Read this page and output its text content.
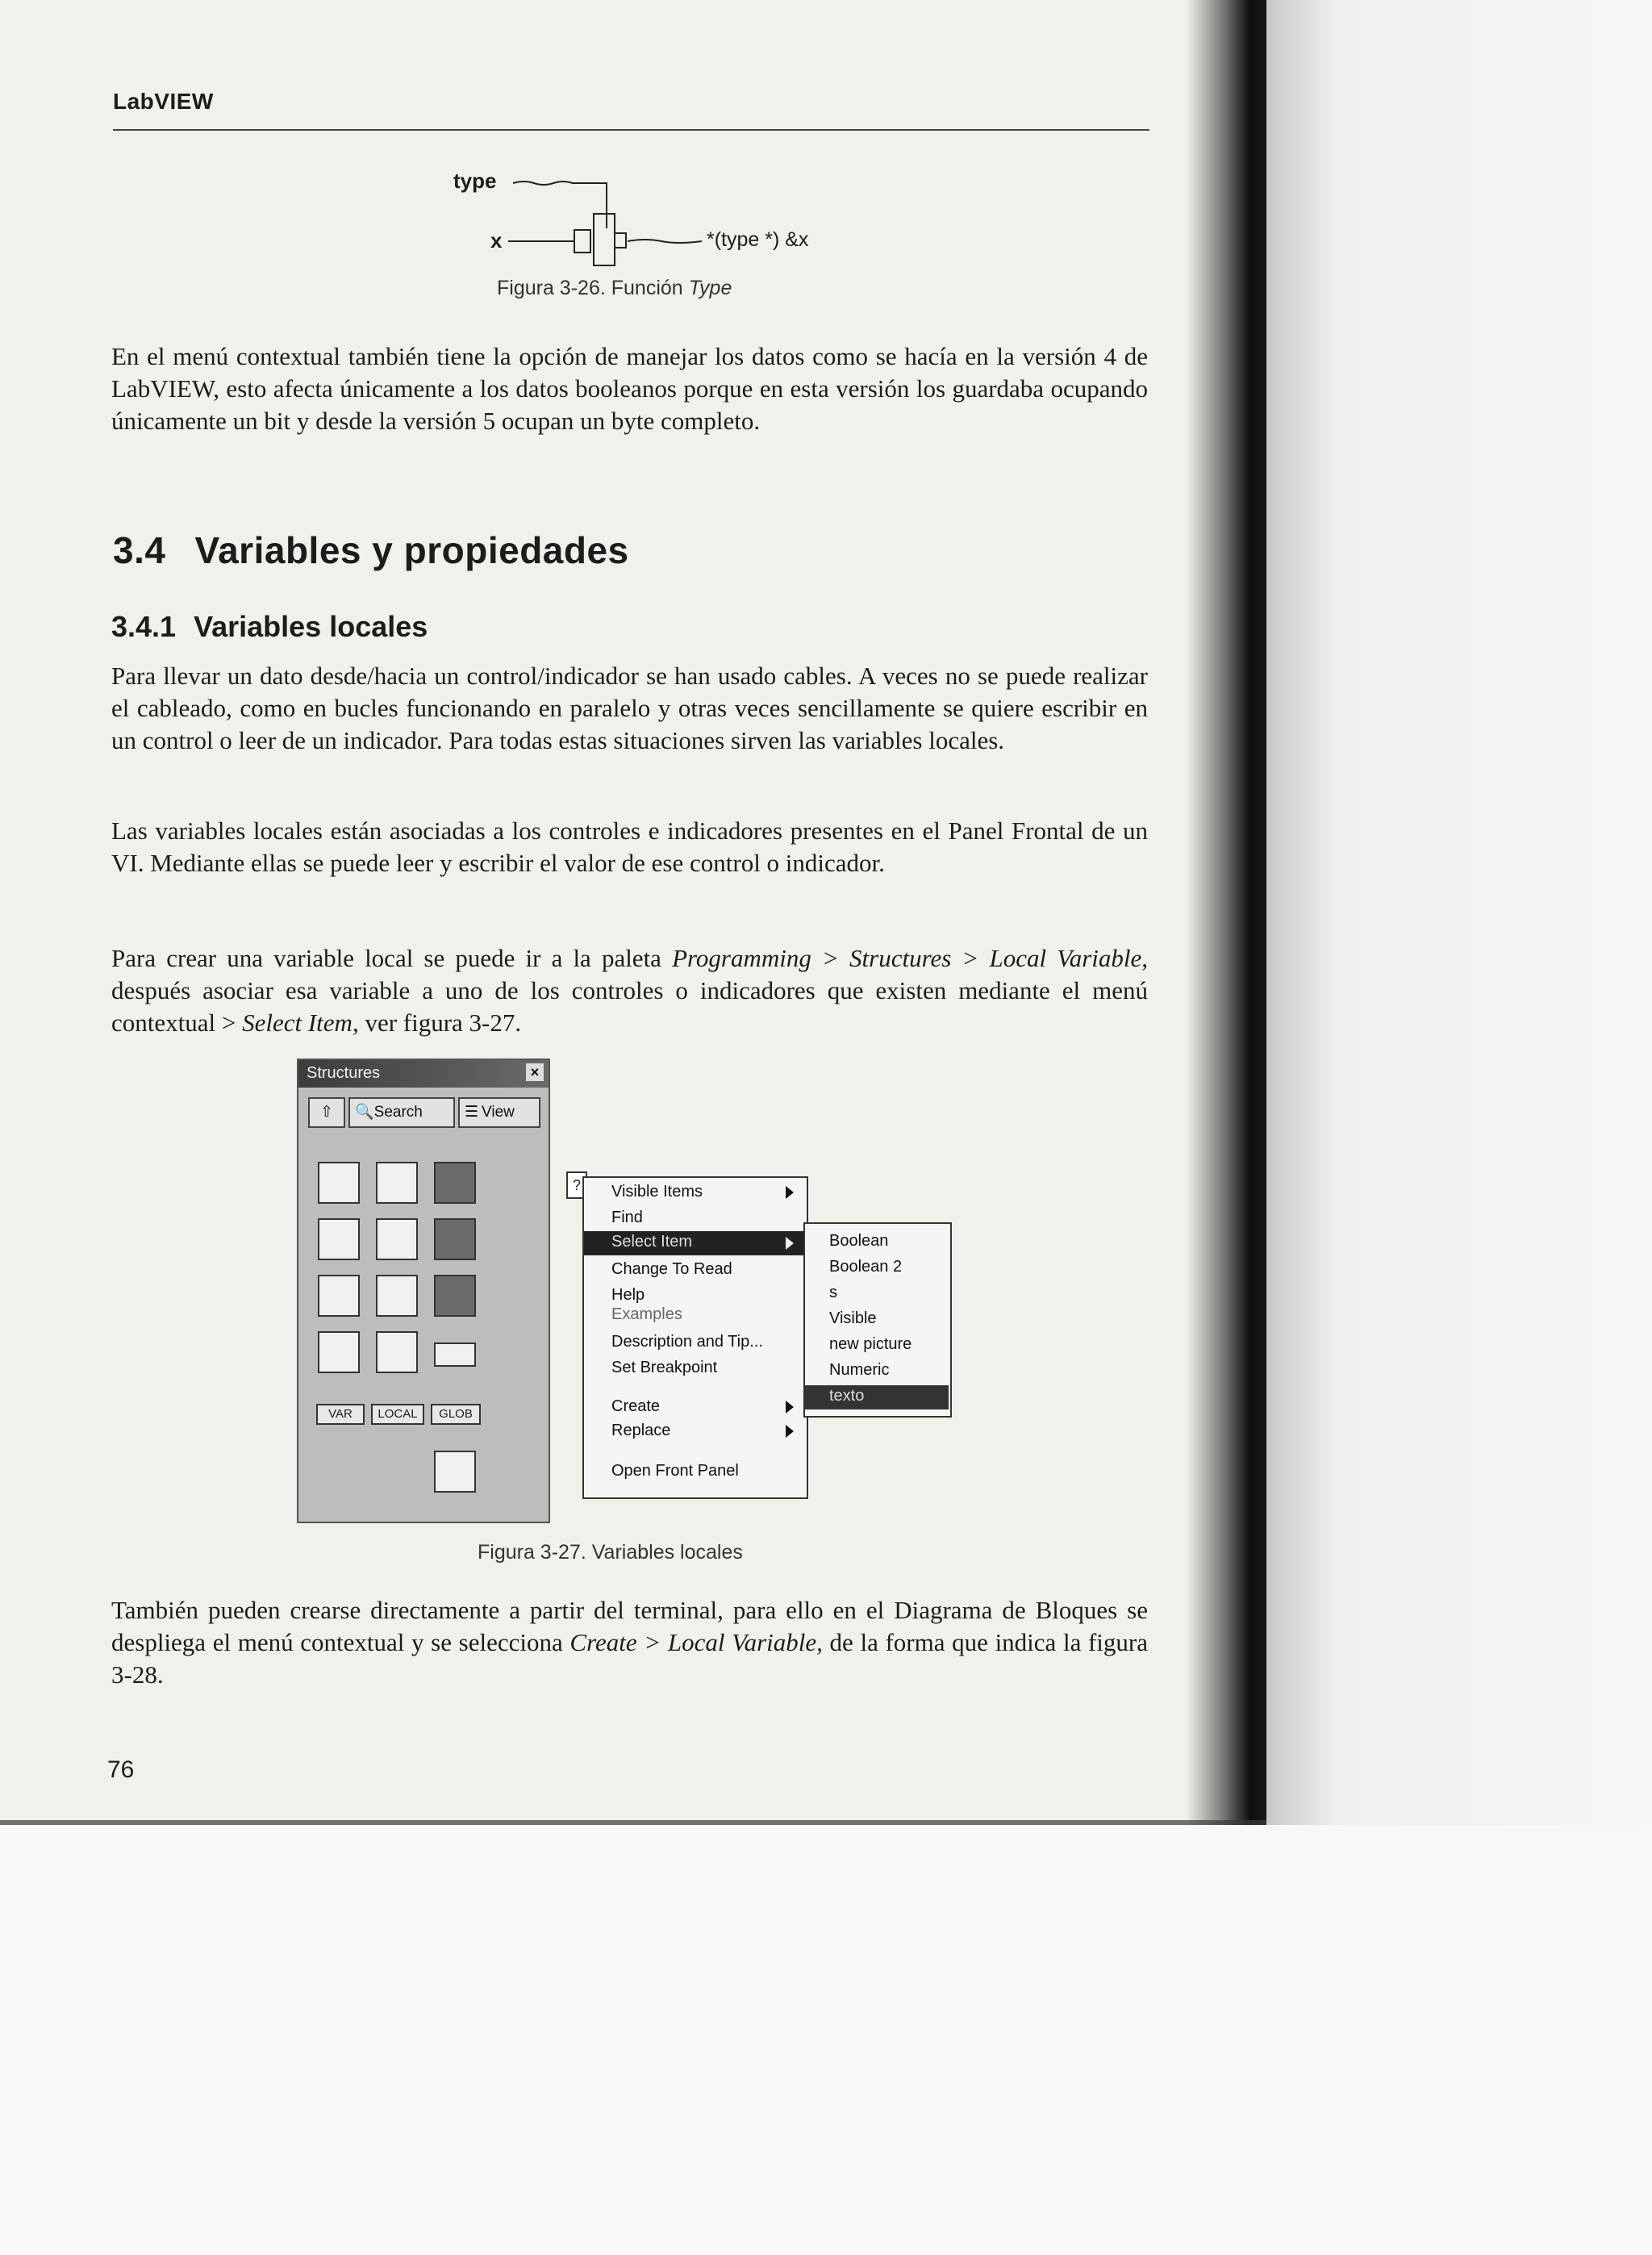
LabVIEW
type
x	*(type *) &x
Figura 3-26. Función Type
En el menú contextual también tiene la opción de manejar los datos como se hacía en la versión 4 de LabVIEW, esto afecta únicamente a los datos booleanos porque en esta versión los guardaba ocupando únicamente un bit y desde la versión 5 ocupan un byte completo.
3.4 Variables y propiedades
3.4.1 Variables locales
Para llevar un dato desde/hacia un control/indicador se han usado cables. A veces no se puede realizar el cableado, como en bucles funcionando en paralelo y otras veces sencillamente se quiere escribir en un control o leer de un indicador. Para todas estas situaciones sirven las variables locales.
Las variables locales están asociadas a los controles e indicadores presentes en el Panel Frontal de un VI. Mediante ellas se puede leer y escribir el valor de ese control o indicador.
Para crear una variable local se puede ir a la paleta Programming > Structures > Local Variable, después asociar esa variable a uno de los controles o indicadores que existen mediante el menú contextual > Select Item, ver figura 3-27.
Structures	×
⇧	🔍Search	☰ View
VAR	LOCAL	GLOB
?	Visible Items
Find
Select Item
Change To Read
Help
Examples
Description and Tip...
Set Breakpoint
Create
Replace
Open Front Panel
Boolean
Boolean 2
s
Visible
new picture
Numeric
texto
Figura 3-27. Variables locales
También pueden crearse directamente a partir del terminal, para ello en el Diagrama de Bloques se despliega el menú contextual y se selecciona Create > Local Variable, de la forma que indica la figura 3-28.
76
